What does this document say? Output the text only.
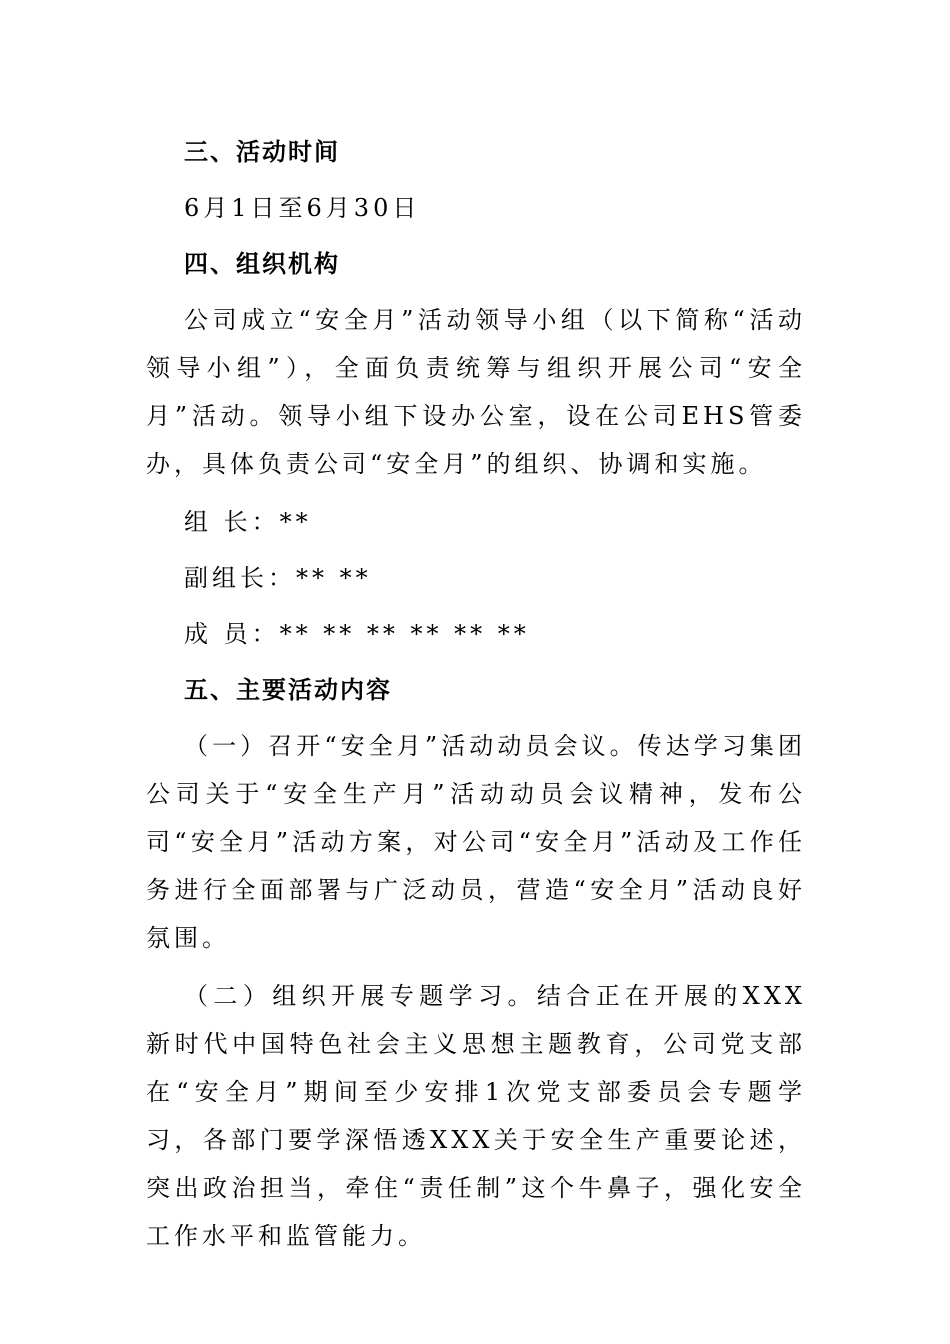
三、活动时间
6月1日至6月30日
四、组织机构
公司成立“安全月”活动领导小组（以下简称“活动领导小组”），全面负责统筹与组织开展公司“安全月”活动。领导小组下设办公室，设在公司EHS管委办，具体负责公司“安全月”的组织、协调和实施。
组 长：**
副组长：** **
成 员：** ** ** ** ** **
五、主要活动内容
（一）召开“安全月”活动动员会议。传达学习集团公司关于“安全生产月”活动动员会议精神，发布公司“安全月”活动方案，对公司“安全月”活动及工作任务进行全面部署与广泛动员，营造“安全月”活动良好氛围。
（二）组织开展专题学习。结合正在开展的XXX新时代中国特色社会主义思想主题教育，公司党支部在“安全月”期间至少安排1次党支部委员会专题学习，各部门要学深悟透XXX关于安全生产重要论述，突出政治担当，牵住“责任制”这个牛鼻子，强化安全工作水平和监管能力。
